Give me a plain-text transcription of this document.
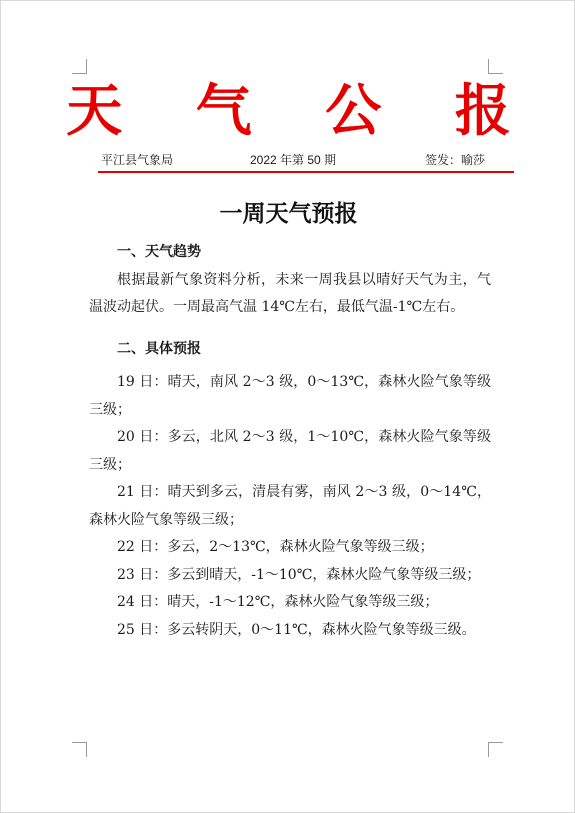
天 气 公 报
平江县气象局	2022 年第 50 期	签发：喻莎
一周天气预报

一、天气趋势

根据最新气象资料分析，未来一周我县以晴好天气为主，气温波动起伏。一周最高气温 14℃左右，最低气温-1℃左右。

二、具体预报

19 日：晴天，南风 2～3 级，0～13℃，森林火险气象等级三级；

20 日：多云，北风 2～3 级，1～10℃，森林火险气象等级三级；

21 日：晴天到多云，清晨有雾，南风 2～3 级，0～14℃，森林火险气象等级三级；

22 日：多云，2～13℃，森林火险气象等级三级；

23 日：多云到晴天，-1～10℃，森林火险气象等级三级；

24 日：晴天，-1～12℃，森林火险气象等级三级；

25 日：多云转阴天，0～11℃，森林火险气象等级三级。
